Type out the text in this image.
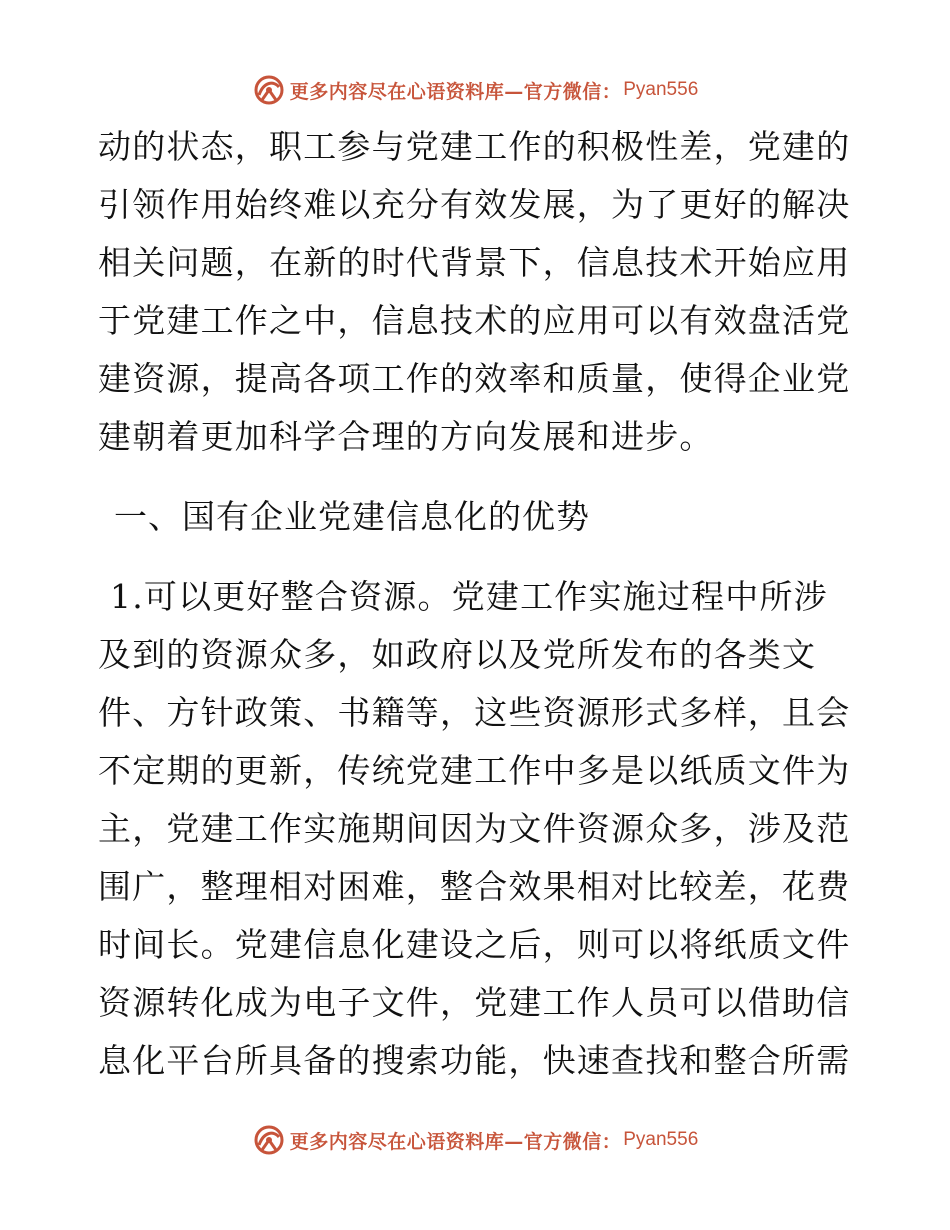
更多内容尽在心语资料库—官方微信： Pyan556
动的状态，职工参与党建工作的积极性差，党建的
引领作用始终难以充分有效发展，为了更好的解决
相关问题，在新的时代背景下，信息技术开始应用
于党建工作之中，信息技术的应用可以有效盘活党
建资源，提高各项工作的效率和质量，使得企业党
建朝着更加科学合理的方向发展和进步。
一、国有企业党建信息化的优势
1.可以更好整合资源。党建工作实施过程中所涉
及到的资源众多，如政府以及党所发布的各类文
件、方针政策、书籍等，这些资源形式多样，且会
不定期的更新，传统党建工作中多是以纸质文件为
主，党建工作实施期间因为文件资源众多，涉及范
围广，整理相对困难，整合效果相对比较差，花费
时间长。党建信息化建设之后，则可以将纸质文件
资源转化成为电子文件，党建工作人员可以借助信
息化平台所具备的搜索功能，快速查找和整合所需
更多内容尽在心语资料库—官方微信： Pyan556
